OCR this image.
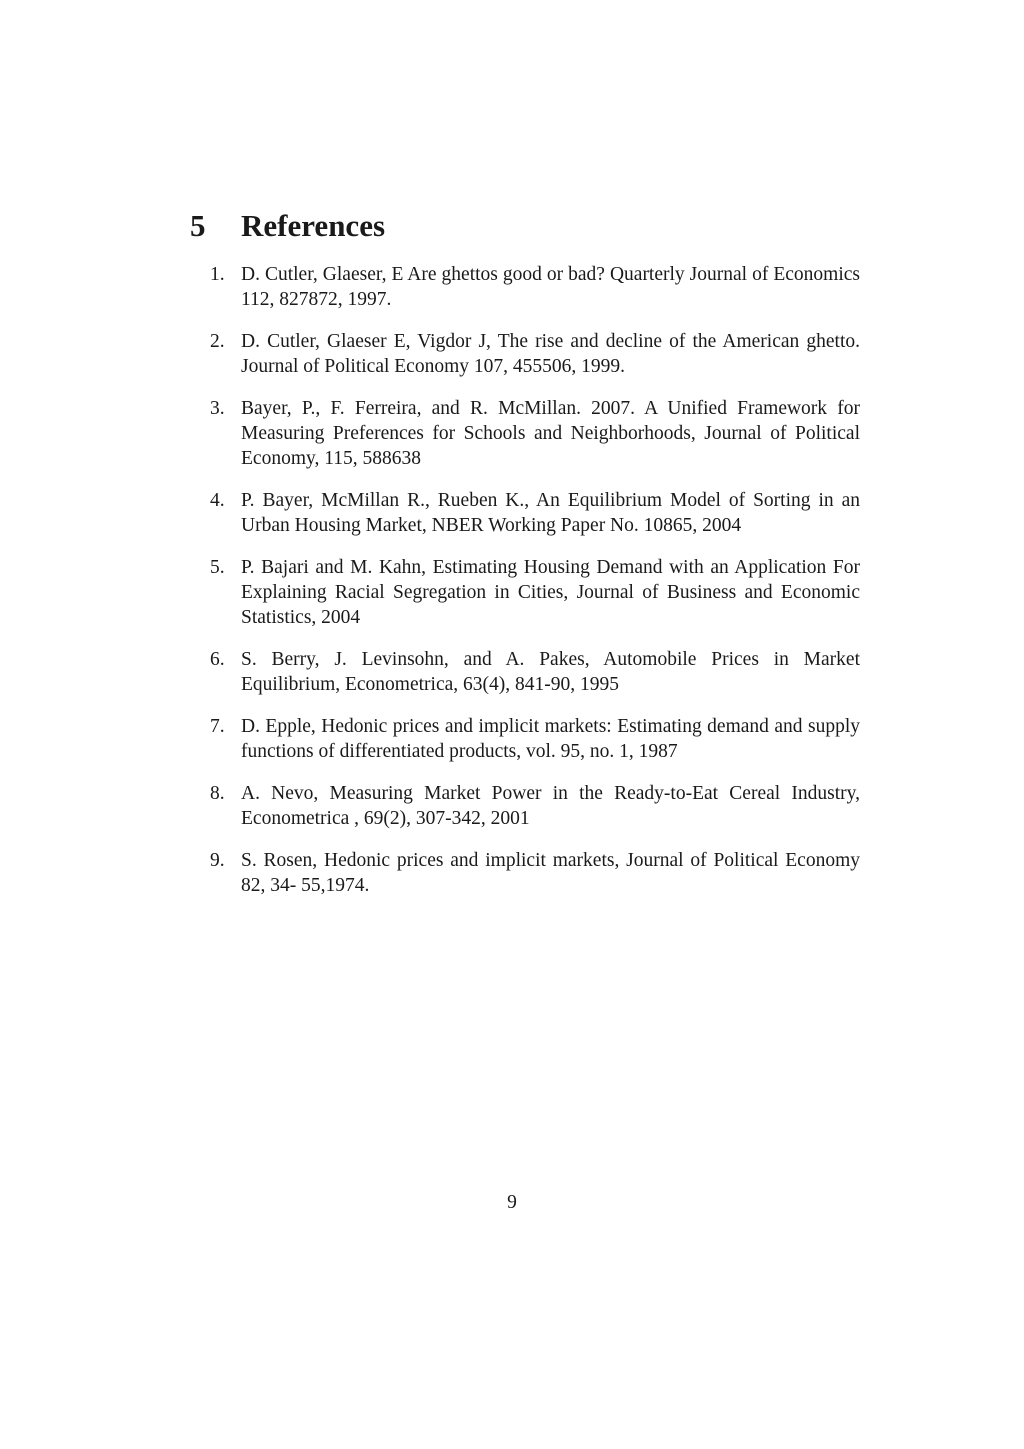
5	References
1. D. Cutler, Glaeser, E Are ghettos good or bad? Quarterly Journal of Economics 112, 827872, 1997.
2. D. Cutler, Glaeser E, Vigdor J, The rise and decline of the American ghetto. Journal of Political Economy 107, 455506, 1999.
3. Bayer, P., F. Ferreira, and R. McMillan. 2007. A Unified Framework for Measuring Preferences for Schools and Neighborhoods, Journal of Political Economy, 115, 588638
4. P. Bayer, McMillan R., Rueben K., An Equilibrium Model of Sorting in an Urban Housing Market, NBER Working Paper No. 10865, 2004
5. P. Bajari and M. Kahn, Estimating Housing Demand with an Application For Explaining Racial Segregation in Cities, Journal of Business and Economic Statistics, 2004
6. S. Berry, J. Levinsohn, and A. Pakes, Automobile Prices in Market Equilibrium, Econometrica, 63(4), 841-90, 1995
7. D. Epple, Hedonic prices and implicit markets: Estimating demand and supply functions of differentiated products, vol. 95, no. 1, 1987
8. A. Nevo, Measuring Market Power in the Ready-to-Eat Cereal Industry, Econometrica , 69(2), 307-342, 2001
9. S. Rosen, Hedonic prices and implicit markets, Journal of Political Economy 82, 34- 55,1974.
9
